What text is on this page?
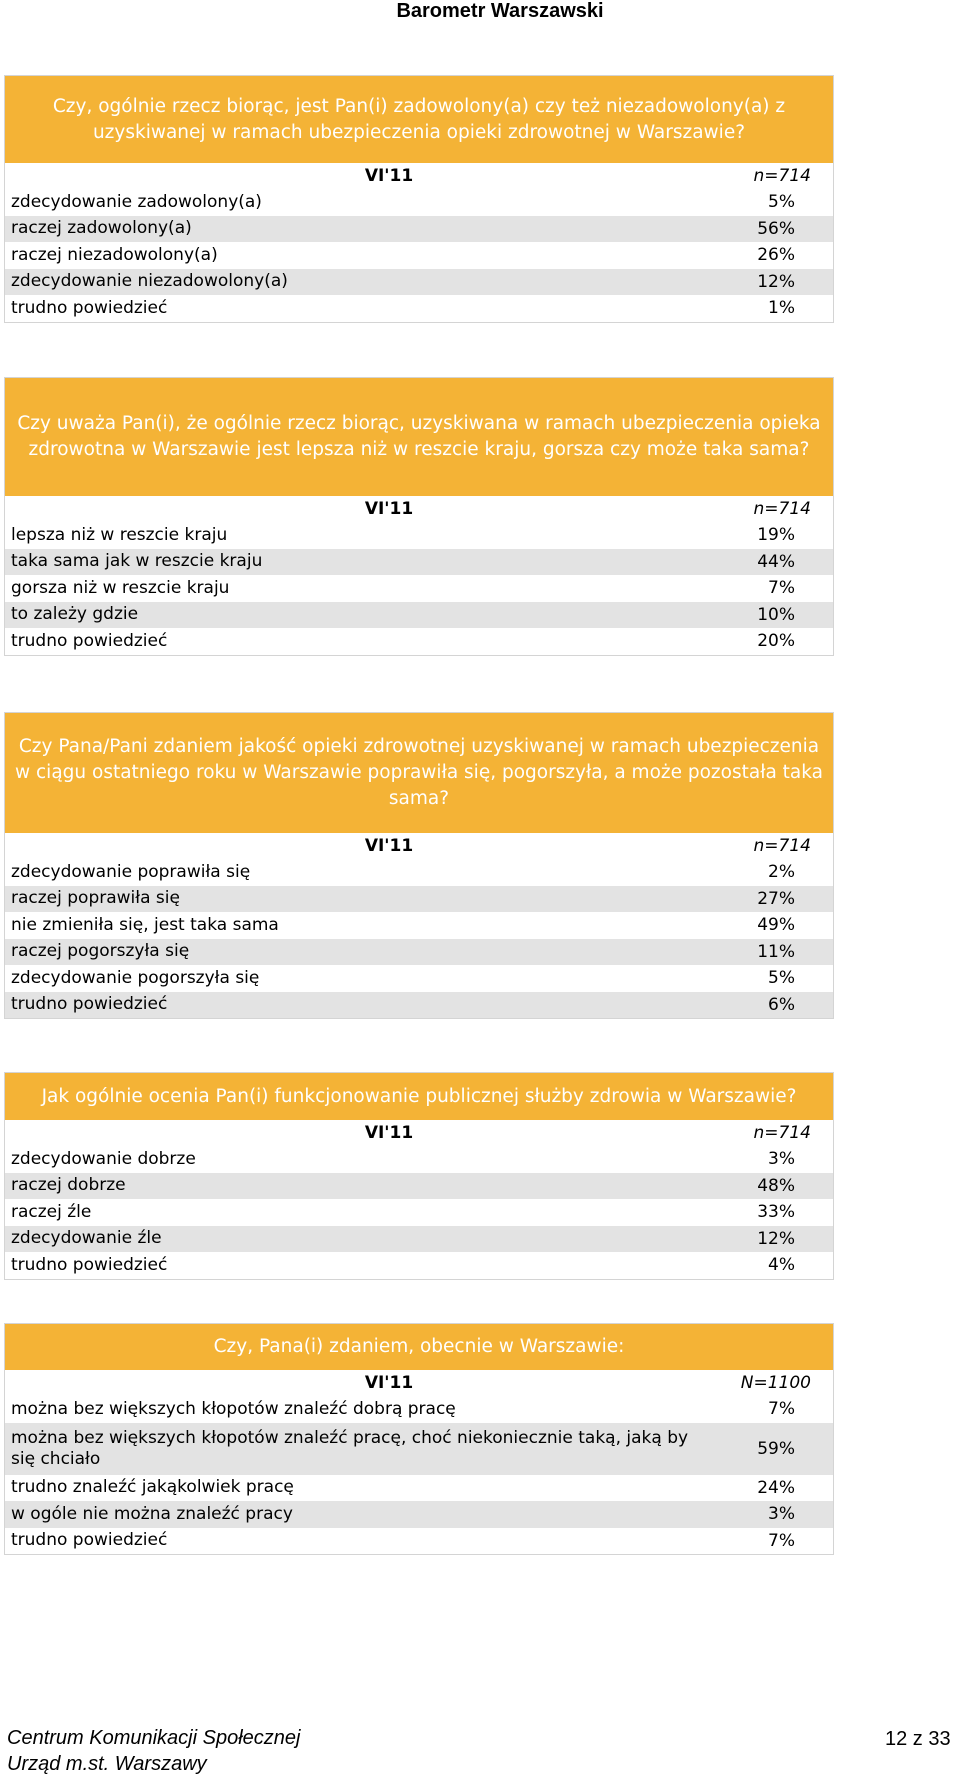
Barometr Warszawski
Czy, ogólnie rzecz biorąc, jest Pan(i) zadowolony(a) czy też niezadowolony(a) z uzyskiwanej w ramach ubezpieczenia opieki zdrowotnej w Warszawie?
VI'11	n=714
zdecydowanie zadowolony(a)	5%
raczej zadowolony(a)	56%
raczej niezadowolony(a)	26%
zdecydowanie niezadowolony(a)	12%
trudno powiedzieć	1%
Czy uważa Pan(i), że ogólnie rzecz biorąc, uzyskiwana w ramach ubezpieczenia opieka zdrowotna w Warszawie jest lepsza niż w reszcie kraju, gorsza czy może taka sama?
VI'11	n=714
lepsza niż w reszcie kraju	19%
taka sama jak w reszcie kraju	44%
gorsza niż w reszcie kraju	7%
to zależy gdzie	10%
trudno powiedzieć	20%
Czy Pana/Pani zdaniem jakość opieki zdrowotnej uzyskiwanej w ramach ubezpieczenia w ciągu ostatniego roku w Warszawie poprawiła się, pogorszyła, a może pozostała taka sama?
VI'11	n=714
zdecydowanie poprawiła się	2%
raczej poprawiła się	27%
nie zmieniła się, jest taka sama	49%
raczej pogorszyła się	11%
zdecydowanie pogorszyła się	5%
trudno powiedzieć	6%
Jak ogólnie ocenia Pan(i) funkcjonowanie publicznej służby zdrowia w Warszawie?
VI'11	n=714
zdecydowanie dobrze	3%
raczej dobrze	48%
raczej źle	33%
zdecydowanie źle	12%
trudno powiedzieć	4%
Czy, Pana(i) zdaniem, obecnie w Warszawie:
VI'11	N=1100
można bez większych kłopotów znaleźć dobrą pracę	7%
można bez większych kłopotów znaleźć pracę, choć niekoniecznie taką, jaką by się chciało	59%
trudno znaleźć jakąkolwiek pracę	24%
w ogóle nie można znaleźć pracy	3%
trudno powiedzieć	7%
Centrum Komunikacji Społecznej
Urząd m.st. Warszawy
12 z 33
